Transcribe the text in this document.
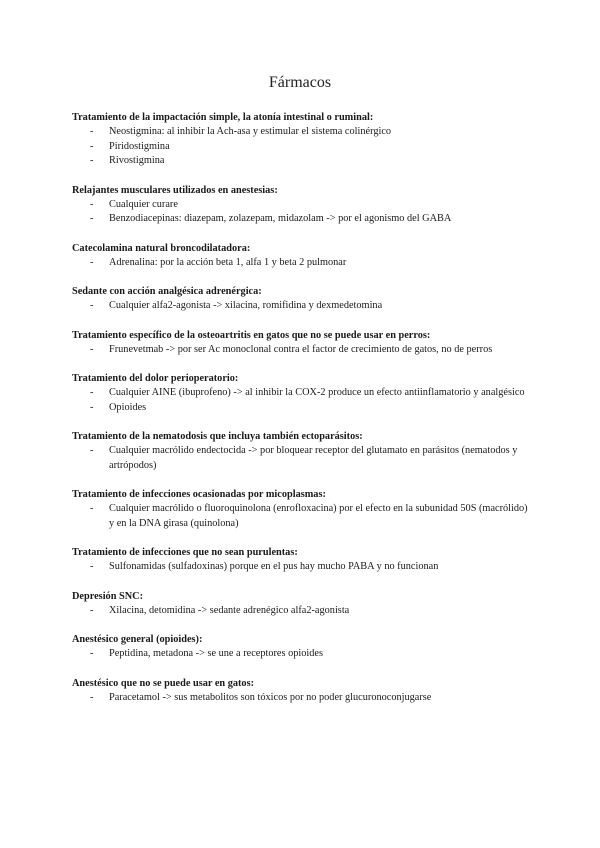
Fármacos

Tratamiento de la impactación simple, la atonía intestinal o ruminal:

- Neostigmina: al inhibir la Ach-asa y estimular el sistema colinérgico
- Piridostigmina
- Rivostigmina

Relajantes musculares utilizados en anestesias:

- Cualquier curare
- Benzodiacepinas: diazepam, zolazepam, midazolam -> por el agonismo del GABA

Catecolamina natural broncodilatadora:

- Adrenalina: por la acción beta 1, alfa 1 y beta 2 pulmonar

Sedante con acción analgésica adrenérgica:

- Cualquier alfa2-agonista -> xilacina, romifidina y dexmedetomina

Tratamiento específico de la osteoartritis en gatos que no se puede usar en perros:

- Frunevetmab -> por ser Ac monoclonal contra el factor de crecimiento de gatos, no de perros

Tratamiento del dolor perioperatorio:

- Cualquier AINE (ibuprofeno) -> al inhibir la COX-2 produce un efecto antiinflamatorio y analgésico
- Opioides

Tratamiento de la nematodosis que incluya también ectoparásitos:

- Cualquier macrólido endectocida -> por bloquear receptor del glutamato en parásitos (nematodos y artrópodos)

Tratamiento de infecciones ocasionadas por micoplasmas:

- Cualquier macrólido o fluoroquinolona (enrofloxacina) por el efecto en la subunidad 50S (macrólido) y en la DNA girasa (quinolona)

Tratamiento de infecciones que no sean purulentas:

- Sulfonamidas (sulfadoxinas) porque en el pus hay mucho PABA y no funcionan

Depresión SNC:

- Xilacina, detomidina -> sedante adrenégico alfa2-agonista

Anestésico general (opioides):

- Peptidina, metadona -> se une a receptores opioides

Anestésico que no se puede usar en gatos:

- Paracetamol -> sus metabolitos son tóxicos por no poder glucuronoconjugarse
